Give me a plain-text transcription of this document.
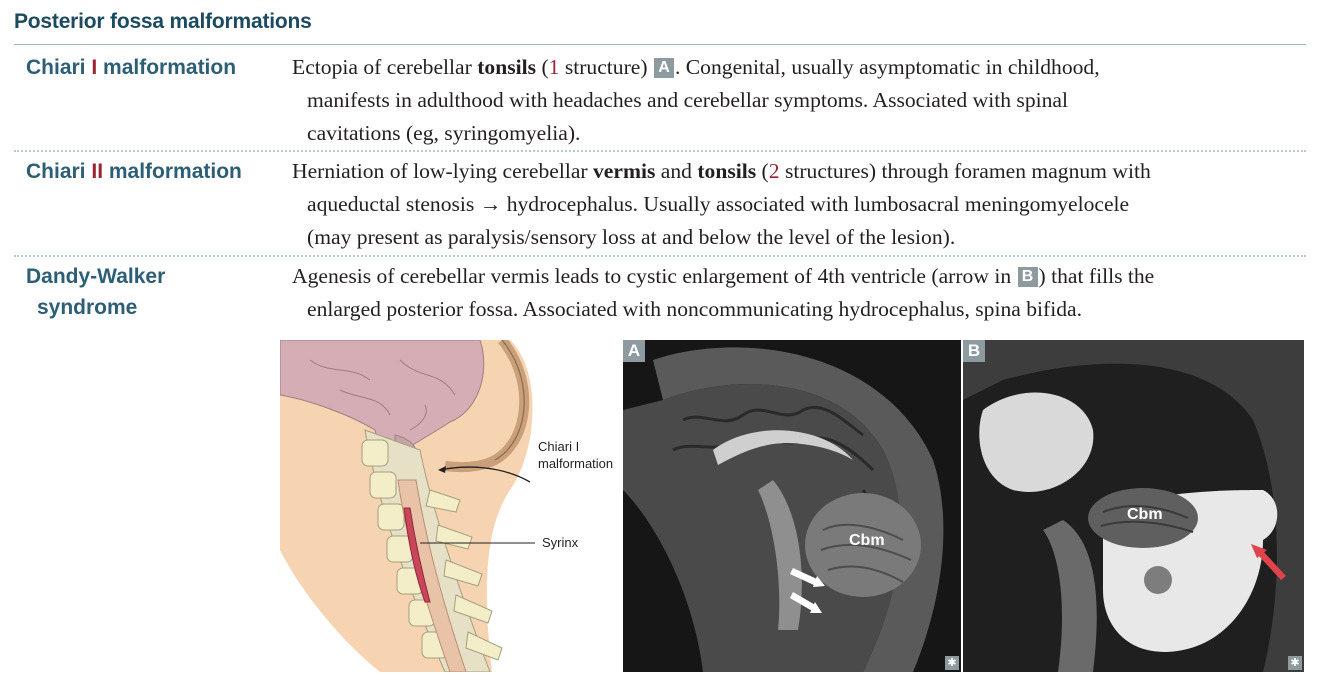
Posterior fossa malformations
Chiari I malformation	Ectopia of cerebellar tonsils (1 structure) A . Congenital, usually asymptomatic in childhood,
manifests in adulthood with headaches and cerebellar symptoms. Associated with spinal
cavitations (eg, syringomyelia).
Chiari II malformation	Herniation of low-lying cerebellar vermis and tonsils (2 structures) through foramen magnum with
aqueductal stenosis → hydrocephalus. Usually associated with lumbosacral meningomyelocele
(may present as paralysis/sensory loss at and below the level of the lesion).
Dandy-Walker
syndrome
Agenesis of cerebellar vermis leads to cystic enlargement of 4th ventricle (arrow in B ) that fills the
enlarged posterior fossa. Associated with noncommunicating hydrocephalus, spina bifida.
Chiari I
malformation
Syrinx	Cbm
A
✱
Cbm
B
✱
